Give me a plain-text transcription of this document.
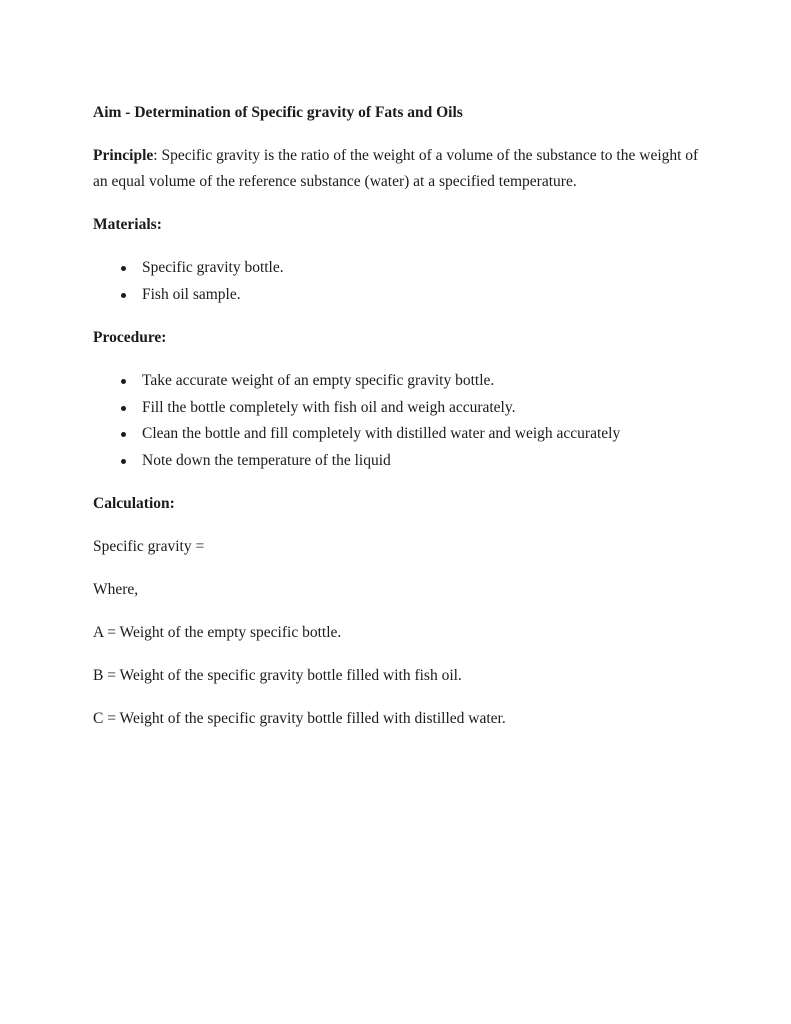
Aim - Determination of Specific gravity of Fats and Oils

Principle: Specific gravity is the ratio of the weight of a volume of the substance to the weight of an equal volume of the reference substance (water) at a specified temperature.

Materials:
Specific gravity bottle.
Fish oil sample.
Procedure:
Take accurate weight of an empty specific gravity bottle.
Fill the bottle completely with fish oil and weigh accurately.
Clean the bottle and fill completely with distilled water and weigh accurately
Note down the temperature of the liquid
Calculation:

Specific gravity =

Where,

A = Weight of the empty specific bottle.

B = Weight of the specific gravity bottle filled with fish oil.

C = Weight of the specific gravity bottle filled with distilled water.
